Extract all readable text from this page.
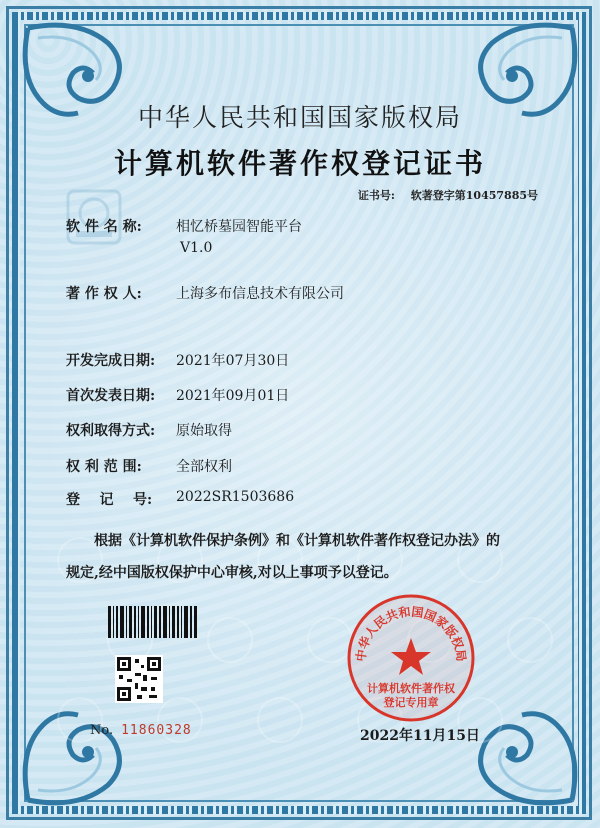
中华人民共和国国家版权局
计算机软件著作权登记证书
证书号: 软著登字第10457885号
软 件 名 称: 相忆桥墓园智能平台
V1.0
著 作 权 人: 上海多布信息技术有限公司
开发完成日期: 2021年07月30日
首次发表日期: 2021年09月01日
权利取得方式: 原始取得
权 利 范 围: 全部权利
登    记    号: 2022SR1503686
根据《计算机软件保护条例》和《计算机软件著作权登记办法》的
规定,经中国版权保护中心审核,对以上事项予以登记。
No. 11860328
中华人民共和国国家版权局
计算机软件著作权
登记专用章
2022年11月15日
